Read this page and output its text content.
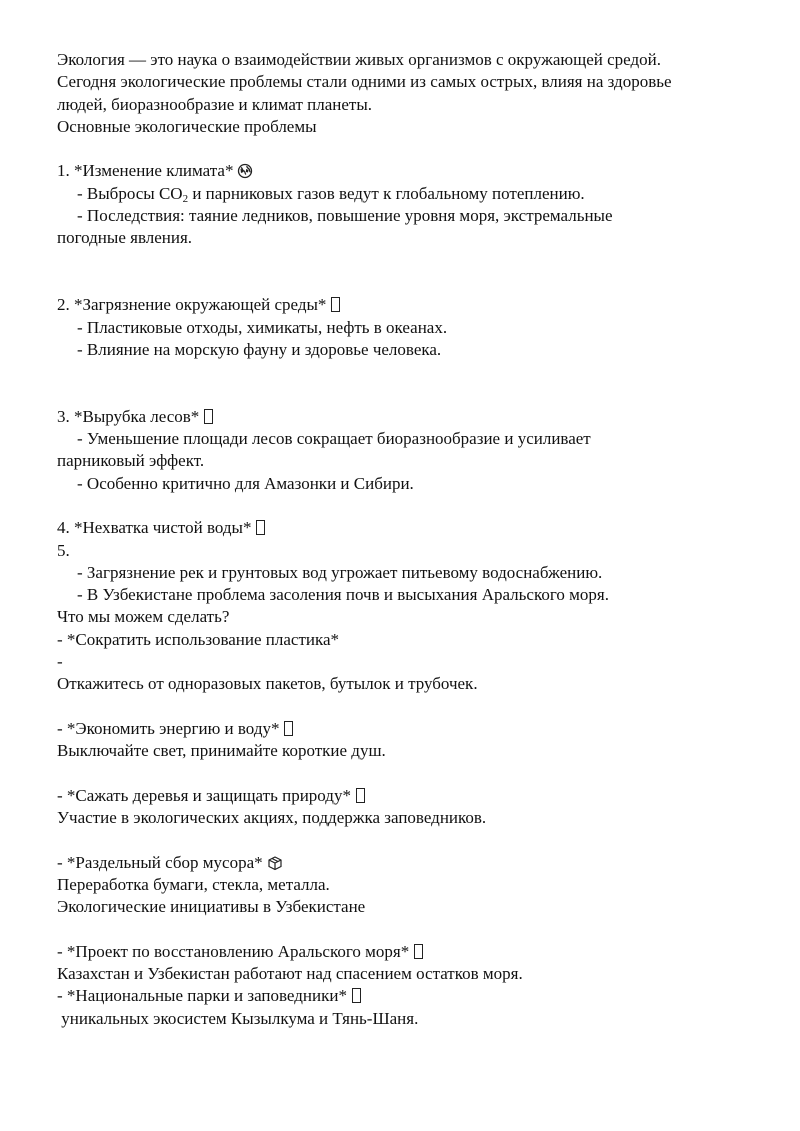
Экология — это наука о взаимодействии живых организмов с окружающей средой.
Сегодня экологические проблемы стали одними из самых острых, влияя на здоровье
людей, биоразнообразие и климат планеты.
Основные экологические проблемы
1. *Изменение климата*
- Выбросы $CO_2$ и парниковых газов ведут к глобальному потеплению.
- Последствия: таяние ледников, повышение уровня моря, экстремальные
погодные явления.
2. *Загрязнение окружающей среды*
- Пластиковые отходы, химикаты, нефть в океанах.
- Влияние на морскую фауну и здоровье человека.
3. *Вырубка лесов*
- Уменьшение площади лесов сокращает биоразнообразие и усиливает
парниковый эффект.
- Особенно критично для Амазонки и Сибири.
4. *Нехватка чистой воды*
5.
- Загрязнение рек и грунтовых вод угрожает питьевому водоснабжению.
- В Узбекистане проблема засоления почв и высыхания Аральского моря.
Что мы можем сделать?
- *Сократить использование пластика*
-
Откажитесь от одноразовых пакетов, бутылок и трубочек.
- *Экономить энергию и воду*
Выключайте свет, принимайте короткие душ.
- *Сажать деревья и защищать природу*
Участие в экологических акциях, поддержка заповедников.
- *Раздельный сбор мусора*
Переработка бумаги, стекла, металла.
Экологические инициативы в Узбекистане
- *Проект по восстановлению Аральского моря*
Казахстан и Узбекистан работают над спасением остатков моря.
- *Национальные парки и заповедники*
уникальных экосистем Кызылкума и Тянь-Шаня.
